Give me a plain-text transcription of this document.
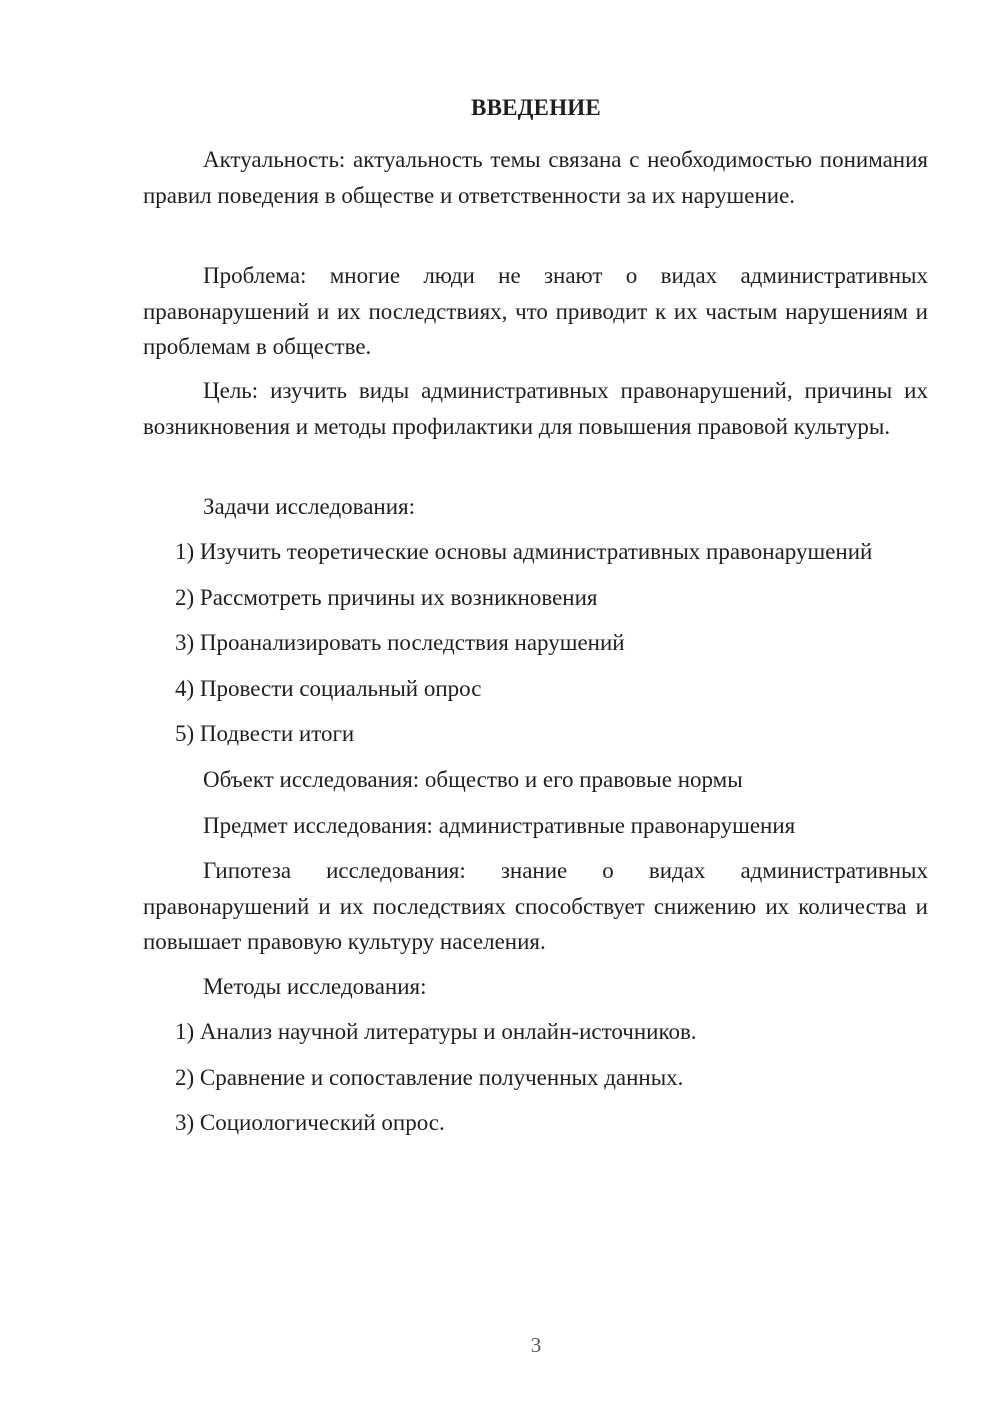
ВВЕДЕНИЕ

Актуальность: актуальность темы связана с необходимостью понимания правил поведения в обществе и ответственности за их нарушение.

Проблема: многие люди не знают о видах административных правонарушений и их последствиях, что приводит к их частым нарушениям и проблемам в обществе.

Цель: изучить виды административных правонарушений, причины их возникновения и методы профилактики для повышения правовой культуры.

Задачи исследования:
1) Изучить теоретические основы административных правонарушений
2) Рассмотреть причины их возникновения
3) Проанализировать последствия нарушений
4) Провести социальный опрос
5) Подвести итоги
Объект исследования: общество и его правовые нормы
Предмет исследования: административные правонарушения

Гипотеза исследования: знание о видах административных правонарушений и их последствиях способствует снижению их количества и повышает правовую культуру населения.

Методы исследования:
1) Анализ научной литературы и онлайн-источников.
2) Сравнение и сопоставление полученных данных.
3) Социологический опрос.
3
